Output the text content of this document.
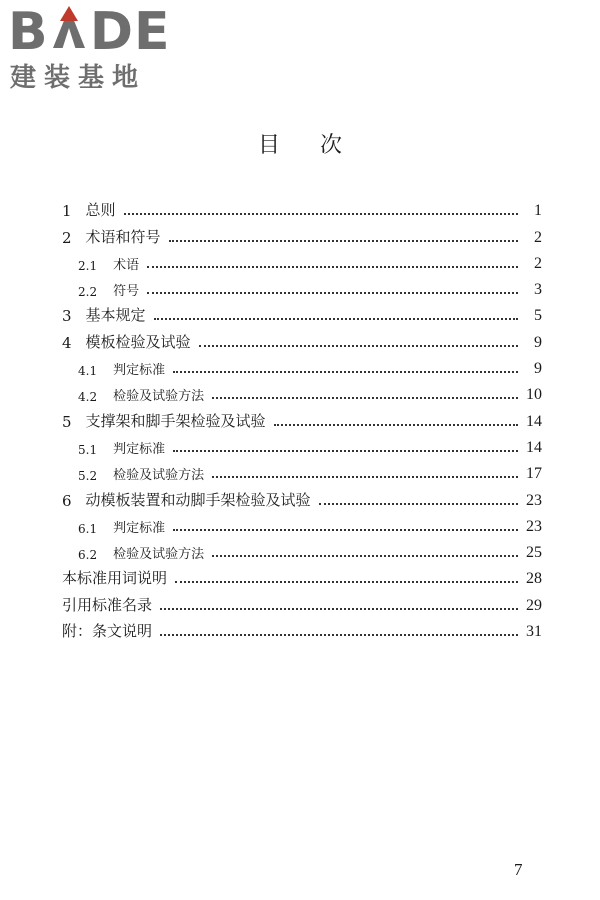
B DE
建装基地
目次
1 总则	1
2 术语和符号	2
2.1 术语	2
2.2 符号	3
3 基本规定	5
4 模板检验及试验	9
4.1 判定标准	9
4.2 检验及试验方法	10
5 支撑架和脚手架检验及试验	14
5.1 判定标准	14
5.2 检验及试验方法	17
6 动模板装置和动脚手架检验及试验	23
6.1 判定标准	23
6.2 检验及试验方法	25
本标准用词说明	28
引用标准名录	29
附：条文说明	31
7
